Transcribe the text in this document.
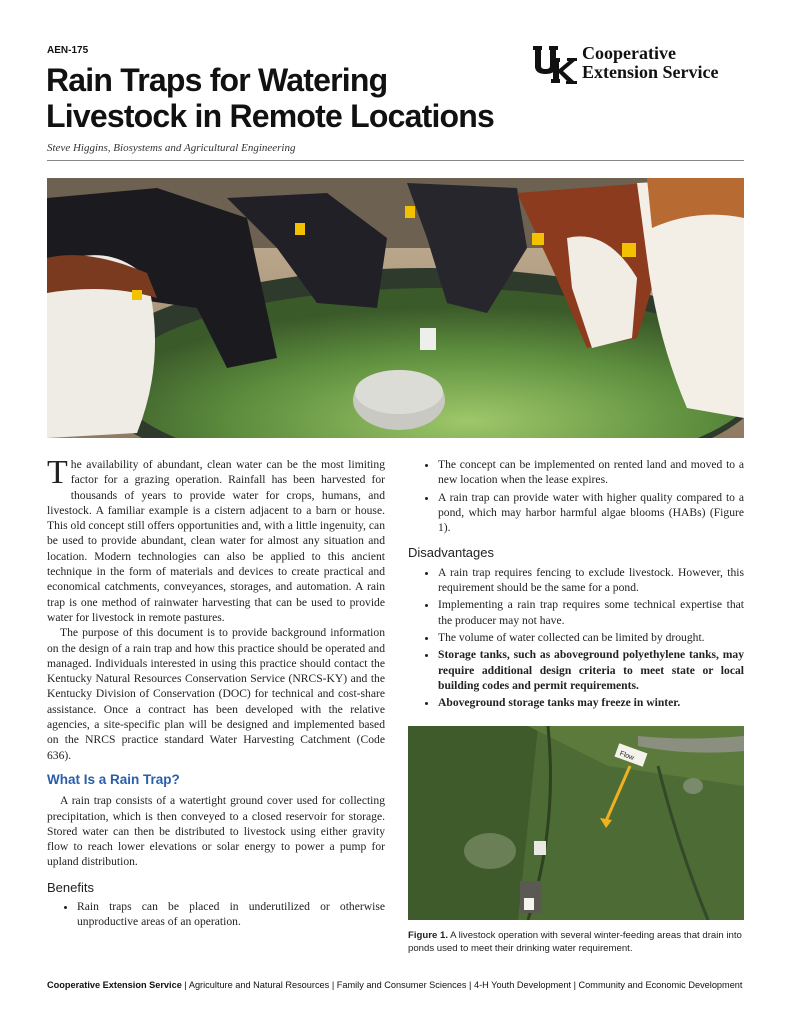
AEN-175
Rain Traps for Watering
Livestock in Remote Locations
Steve Higgins, Biosystems and Agricultural Engineering
Cooperative
Extension Service

The availability of abundant, clean water can be the most limiting factor for a grazing operation. Rainfall has been harvested for thousands of years to provide water for crops, humans, and livestock. A familiar example is a cistern adjacent to a barn or house. This old concept still offers opportunities and, with a little ingenuity, can be used to provide abundant, clean water for almost any situation and location. Modern technologies can also be applied to this ancient technique in the form of materials and devices to create practical and economical catchments, conveyances, storages, and automation. A rain trap is one method of rainwater harvesting that can be used to provide water for livestock in remote pastures.

The purpose of this document is to provide background information on the design of a rain trap and how this practice should be operated and managed. Individuals interested in using this practice should contact the Kentucky Natural Resources Conservation Service (NRCS-KY) and the Kentucky Division of Conservation (DOC) for technical and cost-share assistance. Once a contract has been developed with the relative agencies, a site-specific plan will be designed and implemented based on the NRCS practice standard Water Harvesting Catchment (Code 636).

What Is a Rain Trap?

A rain trap consists of a watertight ground cover used for collecting precipitation, which is then conveyed to a closed reservoir for storage. Stored water can then be distributed to livestock using either gravity flow to reach lower elevations or solar energy to power a pump for upland distribution.

Benefits
• Rain traps can be placed in underutilized or otherwise unproductive areas of an operation.
• The concept can be implemented on rented land and moved to a new location when the lease expires.
• A rain trap can provide water with higher quality compared to a pond, which may harbor harmful algae blooms (HABs) (Figure 1).
Disadvantages
• A rain trap requires fencing to exclude livestock. However, this requirement should be the same for a pond.
• Implementing a rain trap requires some technical expertise that the producer may not have.
• The volume of water collected can be limited by drought.
• Storage tanks, such as aboveground polyethylene tanks, may require additional design criteria to meet state or local building codes and permit requirements.
• Aboveground storage tanks may freeze in winter.
Flow
Figure 1. A livestock operation with several winter-feeding areas that drain into ponds used to meet their drinking water requirement.
Cooperative Extension Service | Agriculture and Natural Resources | Family and Consumer Sciences | 4-H Youth Development | Community and Economic Development
